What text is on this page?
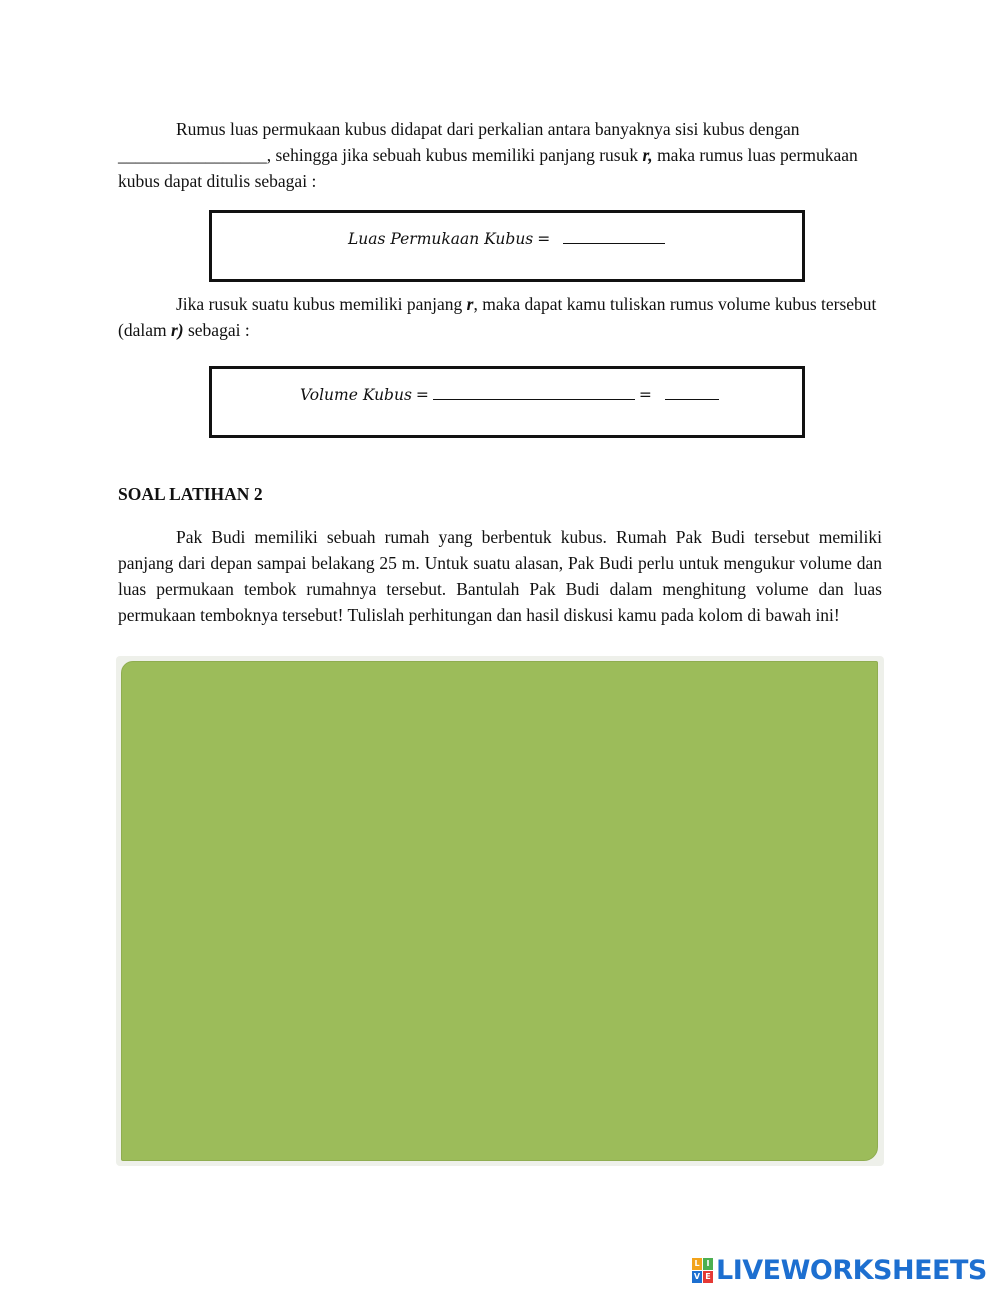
Rumus luas permukaan kubus didapat dari perkalian antara banyaknya sisi kubus dengan _________________, sehingga jika sebuah kubus memiliki panjang rusuk r, maka rumus luas permukaan kubus dapat ditulis sebagai :

Luas Permukaan Kubus =

Jika rusuk suatu kubus memiliki panjang r, maka dapat kamu tuliskan rumus volume kubus tersebut (dalam r) sebagai :

Volume Kubus =	=
SOAL LATIHAN 2

Pak Budi memiliki sebuah rumah yang berbentuk kubus. Rumah Pak Budi tersebut memiliki panjang dari depan sampai belakang 25 m. Untuk suatu alasan, Pak Budi perlu untuk mengukur volume dan luas permukaan tembok rumahnya tersebut. Bantulah Pak Budi dalam menghitung volume dan luas permukaan temboknya tersebut! Tulislah perhitungan dan hasil diskusi kamu pada kolom di bawah ini!

L I
V E LIVEWORKSHEETS
